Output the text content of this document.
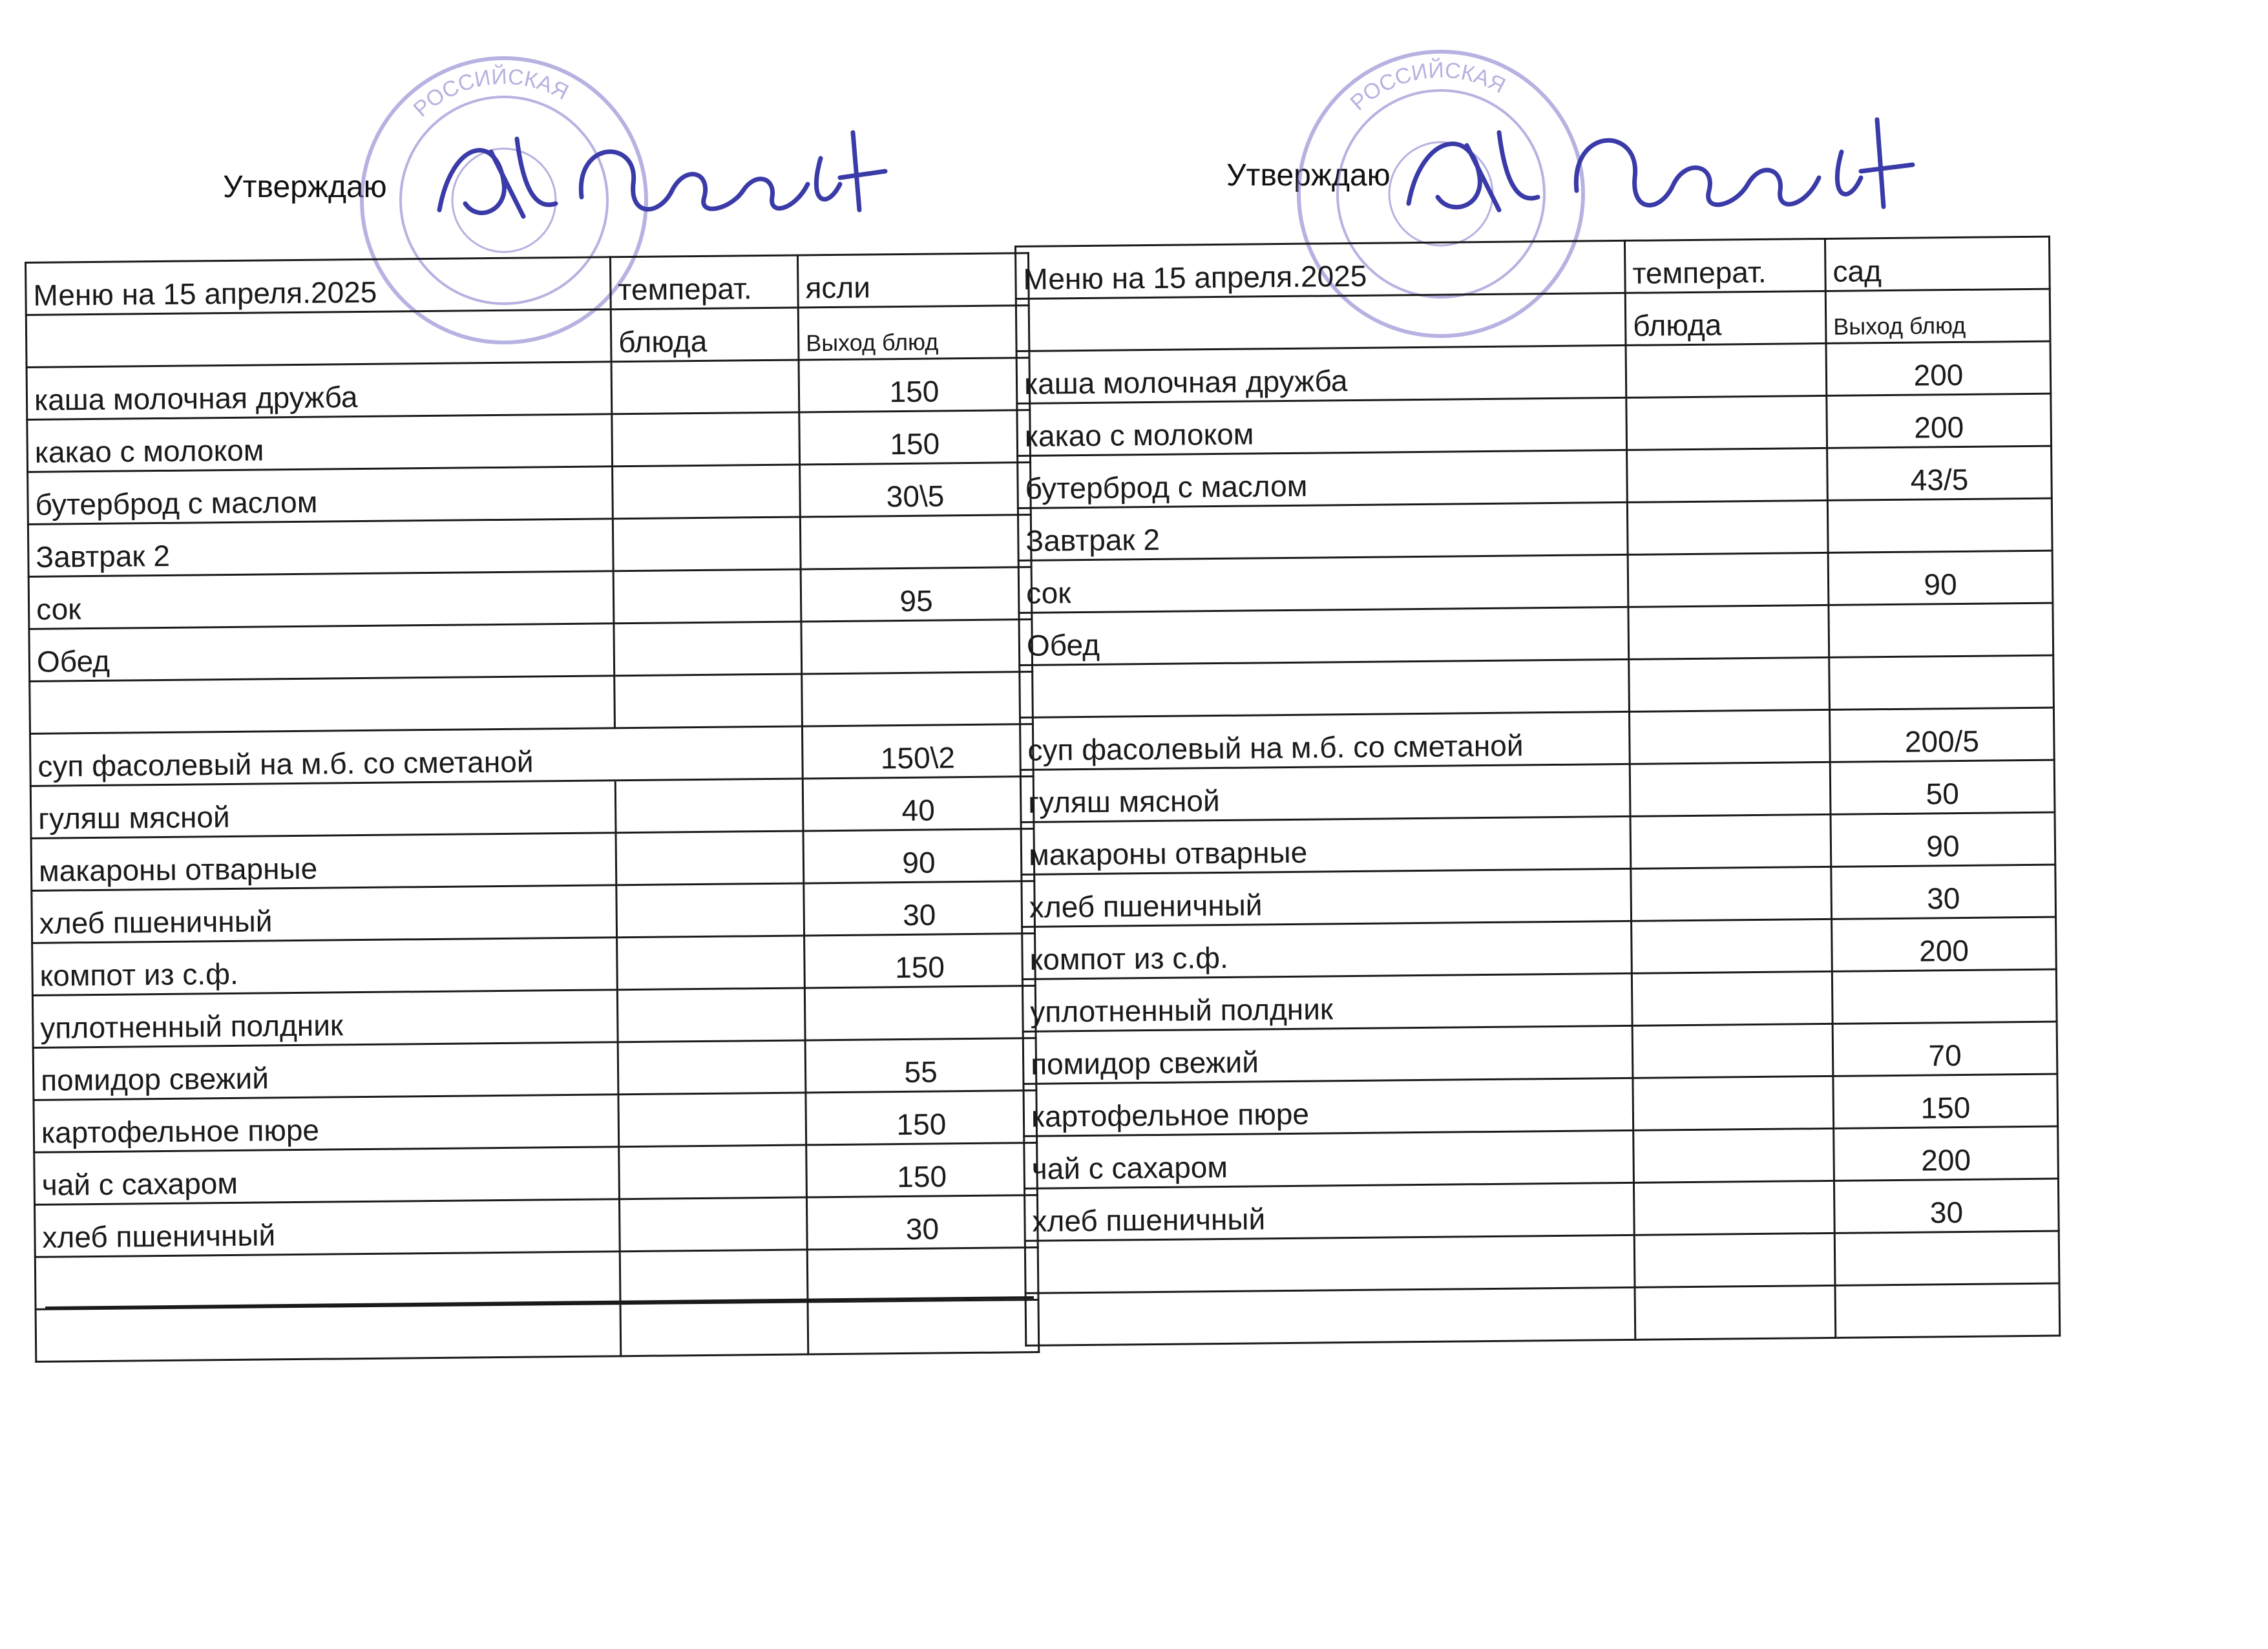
Утверждаю	Утверждаю
РОССИЙСКАЯ	РОССИЙСКАЯ
Меню на 15 апреля.2025	температ.	ясли
	блюда	Выход блюд
каша молочная дружба		150
какао с молоком		150
бутерброд с маслом		30\5
Завтрак 2		
сок		95
Обед		

суп фасолевый на м.б. со сметаной		150\2
гуляш мясной		40
макароны отварные		90
хлеб пшеничный		30
компот из с.ф.		150
уплотненный полдник		
помидор свежий		55
картофельное пюре		150
чай с сахаром		150
хлеб пшеничный		30

Меню на 15 апреля.2025	температ.	сад
	блюда	Выход блюд
каша молочная дружба		200
какао с молоком		200
бутерброд с маслом		43/5
Завтрак 2		
сок		90
Обед		

суп фасолевый на м.б. со сметаной		200/5
гуляш мясной		50
макароны отварные		90
хлеб пшеничный		30
компот из с.ф.		200
уплотненный полдник		
помидор свежий		70
картофельное пюре		150
чай с сахаром		200
хлеб пшеничный		30
